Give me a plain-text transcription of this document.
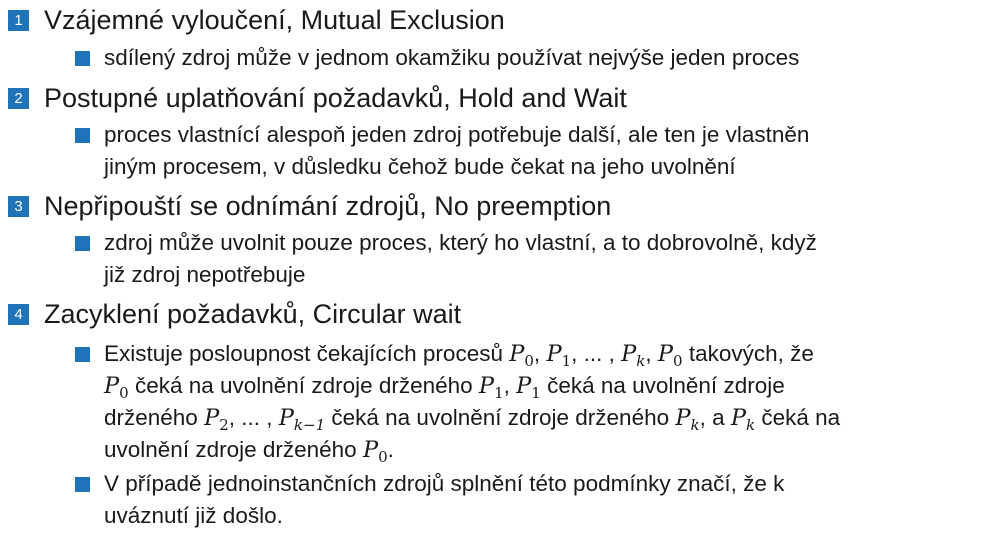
1 Vzájemné vyloučení, Mutual Exclusion
sdílený zdroj může v jednom okamžiku používat nejvýše jeden proces
2 Postupné uplatňování požadavků, Hold and Wait
proces vlastnící alespoň jeden zdroj potřebuje další, ale ten je vlastněn
jiným procesem, v důsledku čehož bude čekat na jeho uvolnění
3 Nepřipouští se odnímání zdrojů, No preemption
zdroj může uvolnit pouze proces, který ho vlastní, a to dobrovolně, když
již zdroj nepotřebuje
4 Zacyklení požadavků, Circular wait
Existuje posloupnost čekajících procesů $P_0$, $P_1$, ... , $P_k$, $P_0$ takových, že
$P_0$ čeká na uvolnění zdroje drženého $P_1$, $P_1$ čeká na uvolnění zdroje
drženého $P_2$, ... , $P_{k-1}$ čeká na uvolnění zdroje drženého $P_k$, a $P_k$ čeká na
uvolnění zdroje drženého $P_0$.
V případě jednoinstančních zdrojů splnění této podmínky značí, že k
uváznutí již došlo.
